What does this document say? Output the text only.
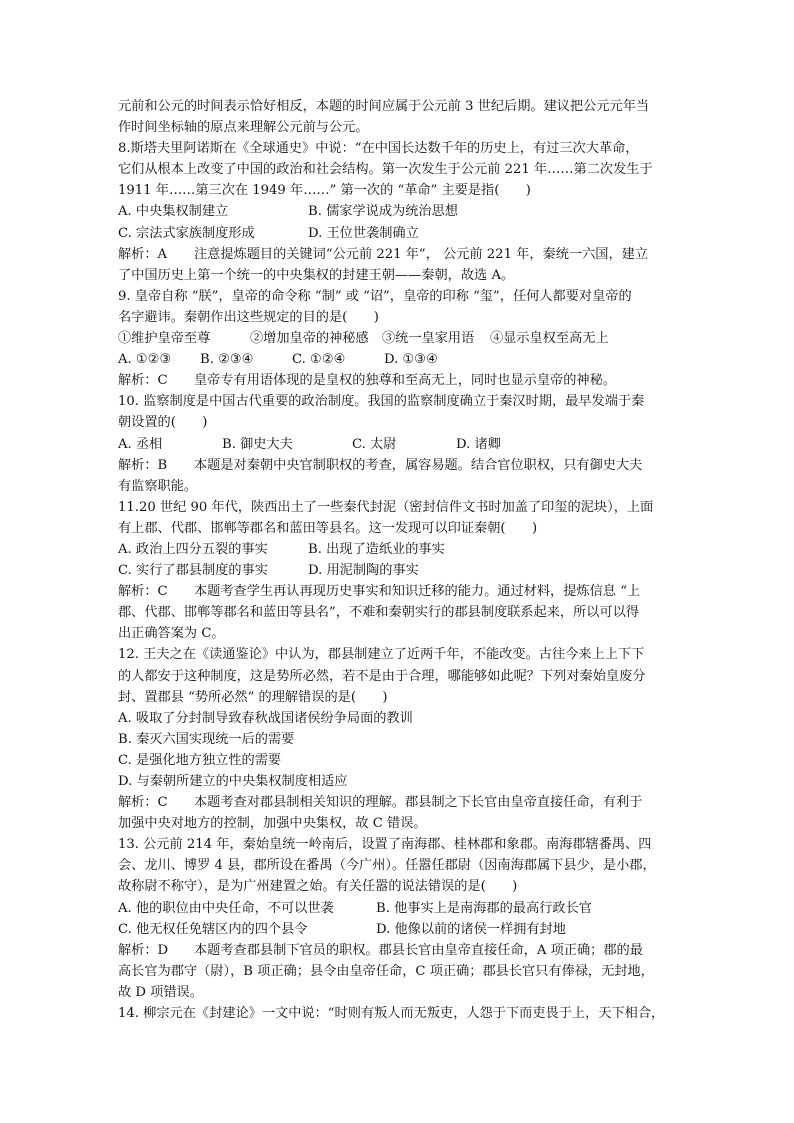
元前和公元的时间表示恰好相反，本题的时间应属于公元前 3 世纪后期。建议把公元元年当

作时间坐标轴的原点来理解公元前与公元。

8.斯塔夫里阿诺斯在《全球通史》中说：“在中国长达数千年的历史上，有过三次大革命，

它们从根本上改变了中国的政治和社会结构。第一次发生于公元前 221 年……第二次发生于

1911 年……第三次在 1949 年……” 第一次的 “革命” 主要是指(　　)

A. 中央集权制建立	B. 儒家学说成为统治思想
C. 宗法式家族制度形成	D. 王位世袭制确立

解析：A 注意提炼题目的关键词“公元前 221 年”， 公元前 221 年，秦统一六国，建立

了中国历史上第一个统一的中央集权的封建王朝——秦朝，故选 A。

9. 皇帝自称 “朕”，皇帝的命令称 “制” 或 “诏”，皇帝的印称 “玺”，任何人都要对皇帝的

名字避讳。秦朝作出这些规定的目的是(　　)

①维护皇帝至尊	②增加皇帝的神秘感	③统一皇家用语	④显示皇权至高无上
A. ①②③	B. ②③④	C. ①②④	D. ①③④

解析：C 皇帝专有用语体现的是皇权的独尊和至高无上，同时也显示皇帝的神秘。

10. 监察制度是中国古代重要的政治制度。我国的监察制度确立于秦汉时期，最早发端于秦

朝设置的(　　)

A. 丞相	B. 御史大夫	C. 太尉	D. 诸卿

解析：B 本题是对秦朝中央官制职权的考查，属容易题。结合官位职权，只有御史大夫

有监察职能。

11.20 世纪 90 年代，陕西出土了一些秦代封泥（密封信件文书时加盖了印玺的泥块），上面

有上郡、代郡、邯郸等郡名和蓝田等县名。这一发现可以印证秦朝(　　)

A. 政治上四分五裂的事实	B. 出现了造纸业的事实
C. 实行了郡县制度的事实	D. 用泥制陶的事实

解析：C 本题考查学生再认再现历史事实和知识迁移的能力。通过材料，提炼信息 “上

郡、代郡、邯郸等郡名和蓝田等县名”，不难和秦朝实行的郡县制度联系起来，所以可以得

出正确答案为 C。

12. 王夫之在《读通鉴论》中认为，郡县制建立了近两千年，不能改变。古往今来上上下下

的人都安于这种制度，这是势所必然，若不是由于合理，哪能够如此呢？下列对秦始皇废分

封、置郡县 “势所必然” 的理解错误的是(　　)

A. 吸取了分封制导致春秋战国诸侯纷争局面的教训

B. 秦灭六国实现统一后的需要

C. 是强化地方独立性的需要

D. 与秦朝所建立的中央集权制度相适应

解析：C 本题考查对郡县制相关知识的理解。郡县制之下长官由皇帝直接任命，有利于

加强中央对地方的控制，加强中央集权，故 C 错误。

13. 公元前 214 年，秦始皇统一岭南后，设置了南海郡、桂林郡和象郡。南海郡辖番禺、四

会、龙川、博罗 4 县，郡所设在番禺（今广州）。任嚣任郡尉（因南海郡属下县少，是小郡，

故称尉不称守），是为广州建置之始。有关任嚣的说法错误的是(　　)

A. 他的职位由中央任命，不可以世袭	B. 他事实上是南海郡的最高行政长官
C. 他无权任免辖区内的四个县令	D. 他像以前的诸侯一样拥有封地

解析：D 本题考查郡县制下官员的职权。郡县长官由皇帝直接任命，A 项正确；郡的最

高长官为郡守（尉），B 项正确；县令由皇帝任命，C 项正确；郡县长官只有俸禄，无封地，

故 D 项错误。

14. 柳宗元在《封建论》一文中说：“时则有叛人而无叛吏，人怨于下而吏畏于上，天下相合，
